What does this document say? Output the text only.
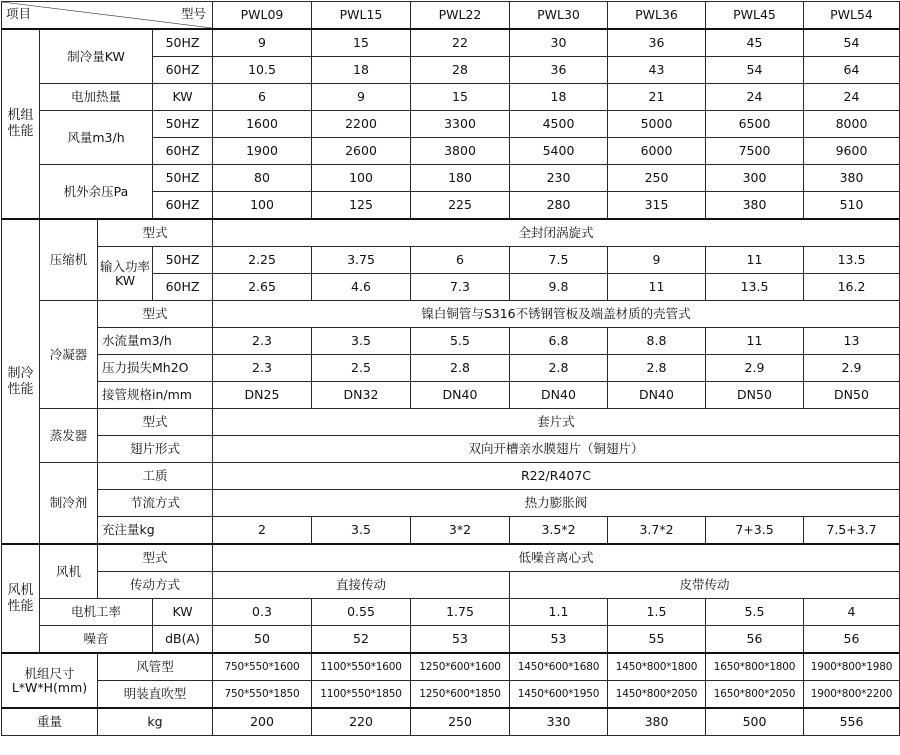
项目 型号				PWL09	PWL15	PWL22	PWL30	PWL36	PWL45	PWL54
机组性能	制冷量KW		50HZ	9	15	22	30	36	45	54
			60HZ	10.5	18	28	36	43	54	64
	电加热量		KW	6	9	15	18	21	24	24
	风量m3/h		50HZ	1600	2200	3300	4500	5000	6500	8000
			60HZ	1900	2600	3800	5400	6000	7500	9600
	机外余压Pa		50HZ	80	100	180	230	250	300	380
			60HZ	100	125	225	280	315	380	510
制冷性能	压缩机	型式		全封闭涡旋式						
		输入功率KW	50HZ	2.25	3.75	6	7.5	9	11	13.5
			60HZ	2.65	4.6	7.3	9.8	11	13.5	16.2
	冷凝器	型式		镍白铜管与S316不锈钢管板及端盖材质的壳管式						
		水流量m3/h		2.3	3.5	5.5	6.8	8.8	11	13
		压力损失Mh2O		2.3	2.5	2.8	2.8	2.8	2.9	2.9
		接管规格in/mm		DN25	DN32	DN40	DN40	DN40	DN50	DN50
	蒸发器	型式		套片式						
		翅片形式		双向开槽亲水膜翅片（铜翅片）						
	制冷剂	工质		R22/R407C						
		节流方式		热力膨胀阀						
		充注量kg		2	3.5	3*2	3.5*2	3.7*2	7+3.5	7.5+3.7
风机性能	风机	型式		低噪音离心式						
		传动方式		直接传动			皮带传动			
	电机工率		KW	0.3	0.55	1.75	1.1	1.5	5.5	4
	噪音		dB(A)	50	52	53	53	55	56	56

机组尺寸
L*W*H(mm)		风管型		750*550*1600	1100*550*1600	1250*600*1600	1450*600*1680	1450*800*1800	1650*800*1800	1900*800*1980
		明装直吹型		750*550*1850	1100*550*1850	1250*600*1850	1450*600*1950	1450*800*2050	1650*800*2050	1900*800*2200
重量		kg		200	220	250	330	380	500	556
